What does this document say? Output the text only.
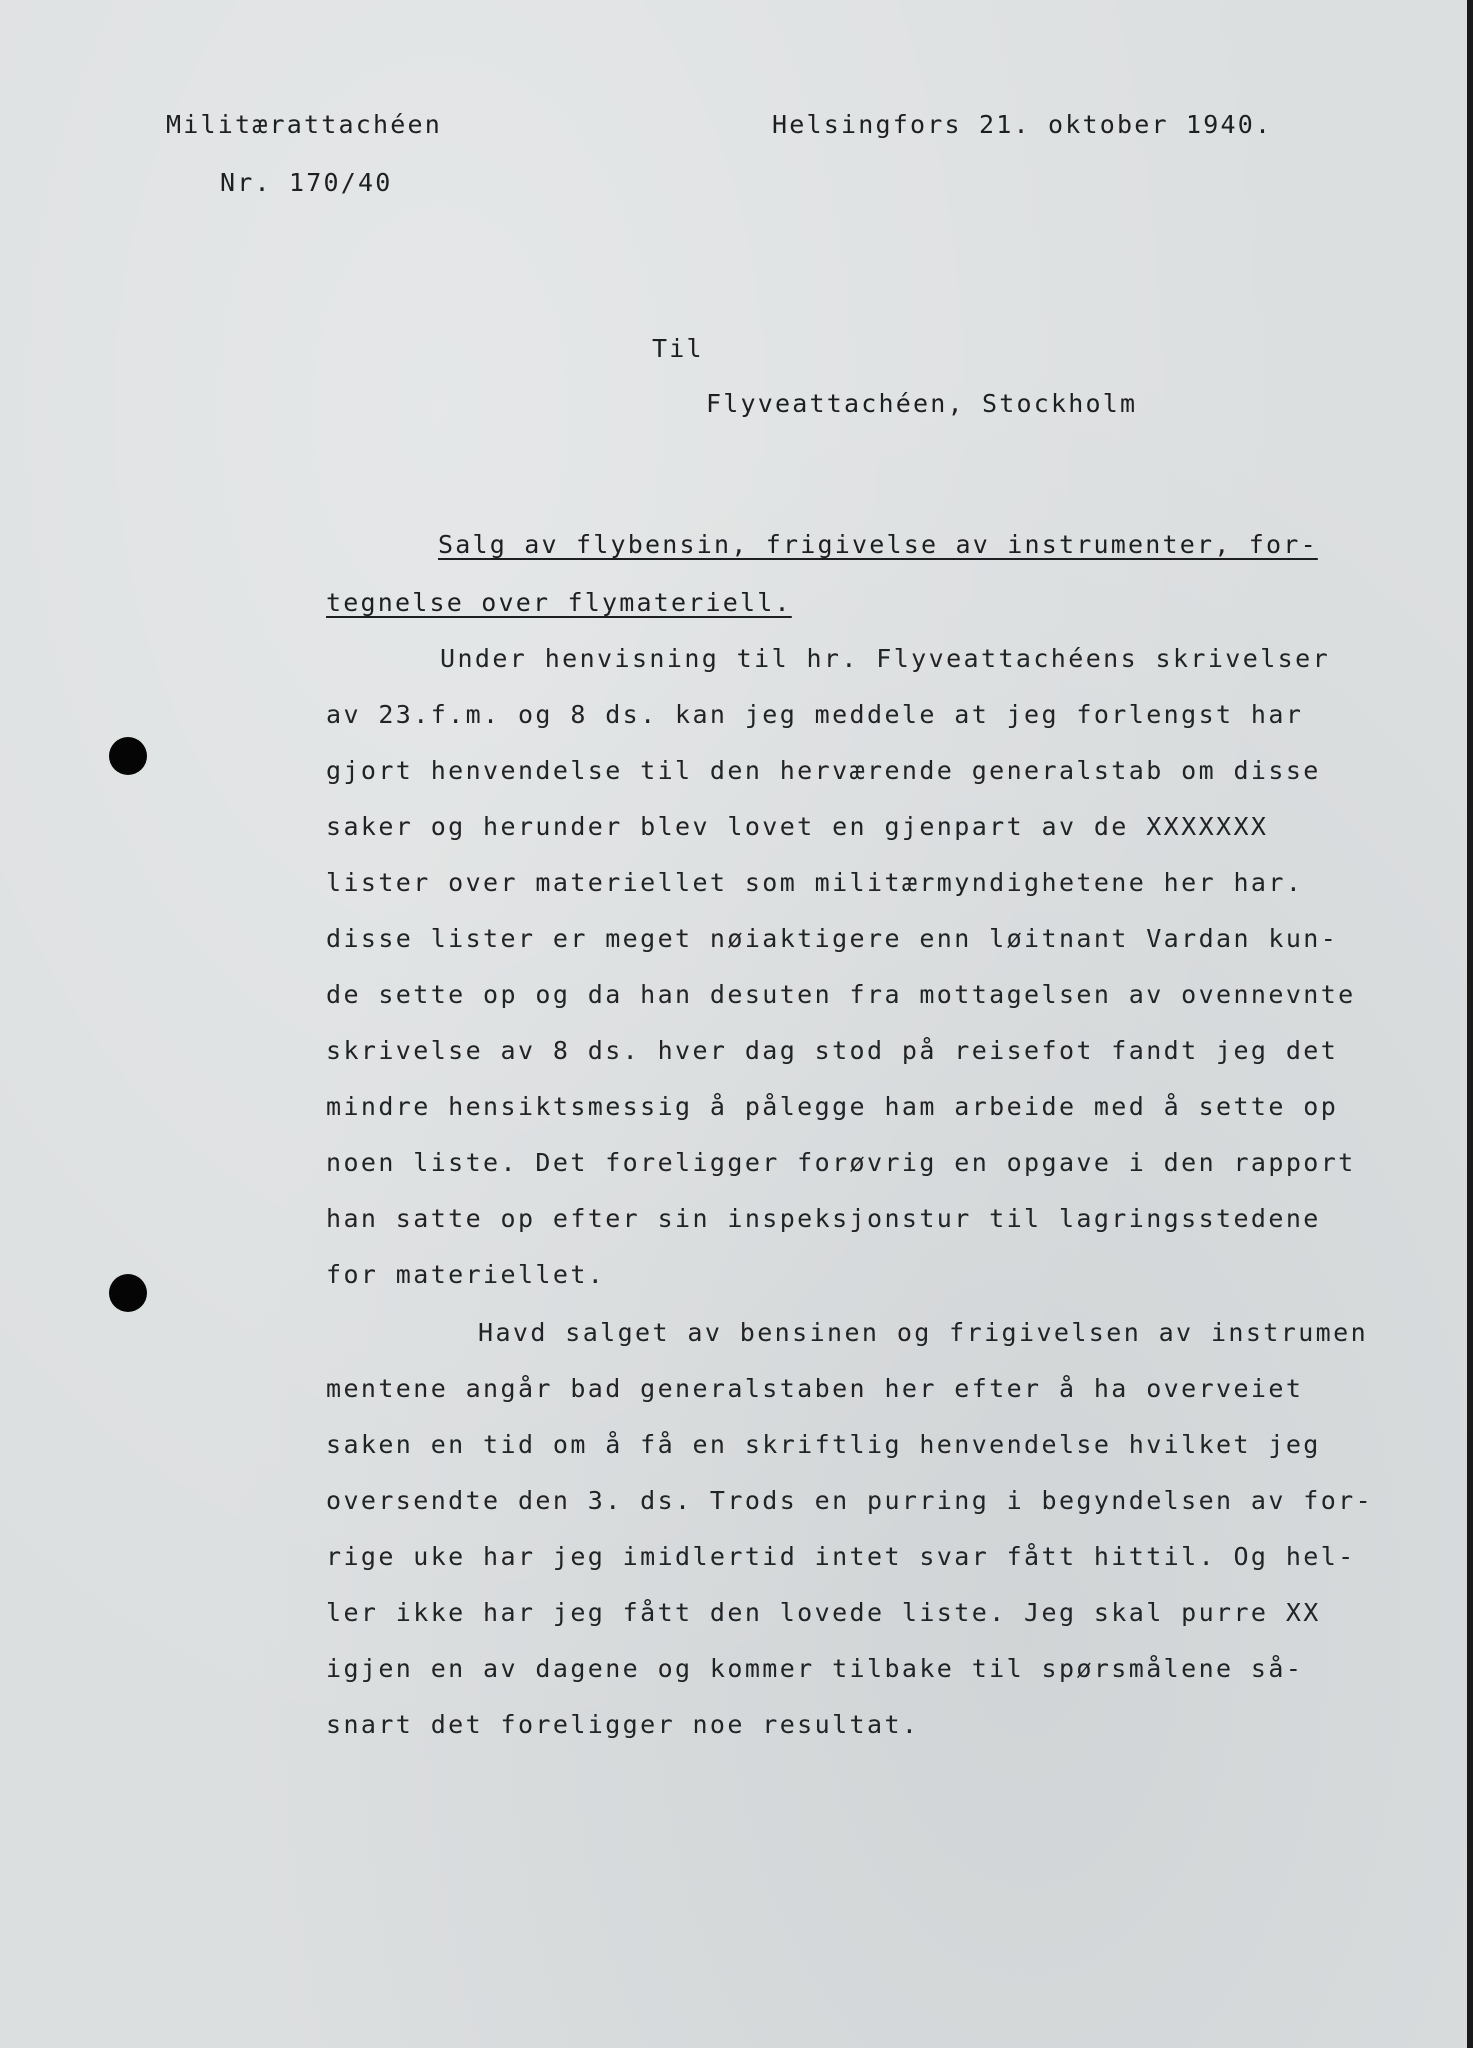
Militærattachéen
Nr. 170/40
Helsingfors 21. oktober 1940.
Til
Flyveattachéen, Stockholm
Salg av flybensin, frigivelse av instrumenter, for-
tegnelse over flymateriell.
Under henvisning til hr. Flyveattachéens skrivelser
av 23.f.m. og 8 ds. kan jeg meddele at jeg forlengst har
gjort henvendelse til den herværende generalstab om disse
saker og herunder blev lovet en gjenpart av de XXXXXXX
lister over materiellet som militærmyndighetene her har.
disse lister er meget nøiaktigere enn løitnant Vardan kun-
de sette op og da han desuten fra mottagelsen av ovennevnte
skrivelse av 8 ds. hver dag stod på reisefot fandt jeg det
mindre hensiktsmessig å pålegge ham arbeide med å sette op
noen liste. Det foreligger forøvrig en opgave i den rapport
han satte op efter sin inspeksjonstur til lagringsstedene
for materiellet.
Havd salget av bensinen og frigivelsen av instrumen
mentene angår bad generalstaben her efter å ha overveiet
saken en tid om å få en skriftlig henvendelse hvilket jeg
oversendte den 3. ds. Trods en purring i begyndelsen av for-
rige uke har jeg imidlertid intet svar fått hittil. Og hel-
ler ikke har jeg fått den lovede liste. Jeg skal purre XX
igjen en av dagene og kommer tilbake til spørsmålene så-
snart det foreligger noe resultat.
